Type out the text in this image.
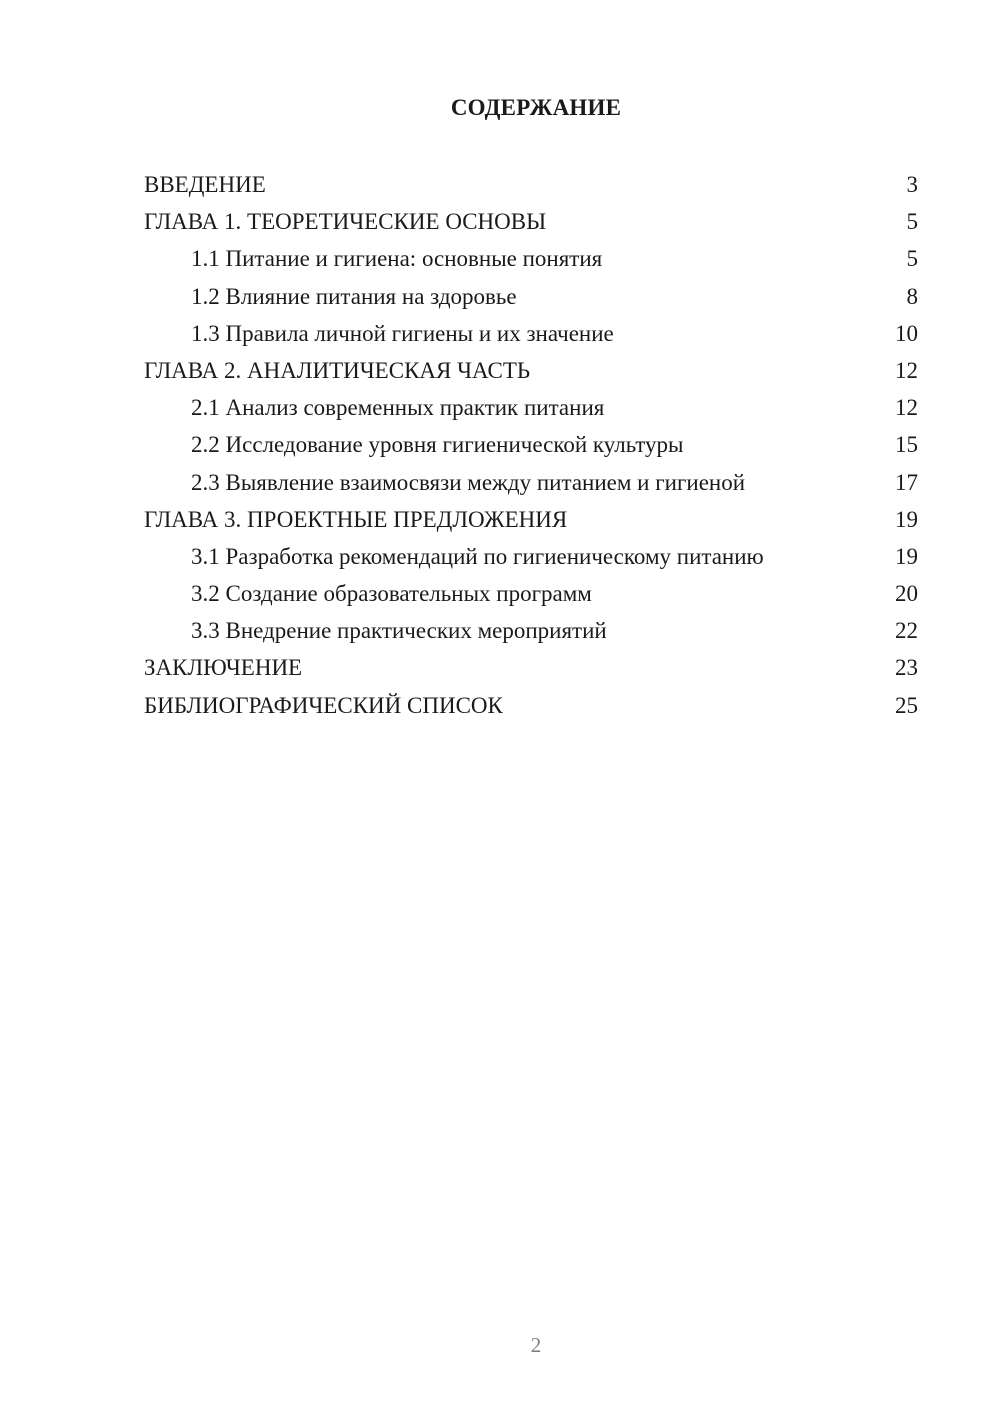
СОДЕРЖАНИЕ
ВВЕДЕНИЕ	3
ГЛАВА 1. ТЕОРЕТИЧЕСКИЕ ОСНОВЫ	5
1.1 Питание и гигиена: основные понятия	5
1.2 Влияние питания на здоровье	8
1.3 Правила личной гигиены и их значение	10
ГЛАВА 2. АНАЛИТИЧЕСКАЯ ЧАСТЬ	12
2.1 Анализ современных практик питания	12
2.2 Исследование уровня гигиенической культуры	15
2.3 Выявление взаимосвязи между питанием и гигиеной	17
ГЛАВА 3. ПРОЕКТНЫЕ ПРЕДЛОЖЕНИЯ	19
3.1 Разработка рекомендаций по гигиеническому питанию	19
3.2 Создание образовательных программ	20
3.3 Внедрение практических мероприятий	22
ЗАКЛЮЧЕНИЕ	23
БИБЛИОГРАФИЧЕСКИЙ СПИСОК	25
2
